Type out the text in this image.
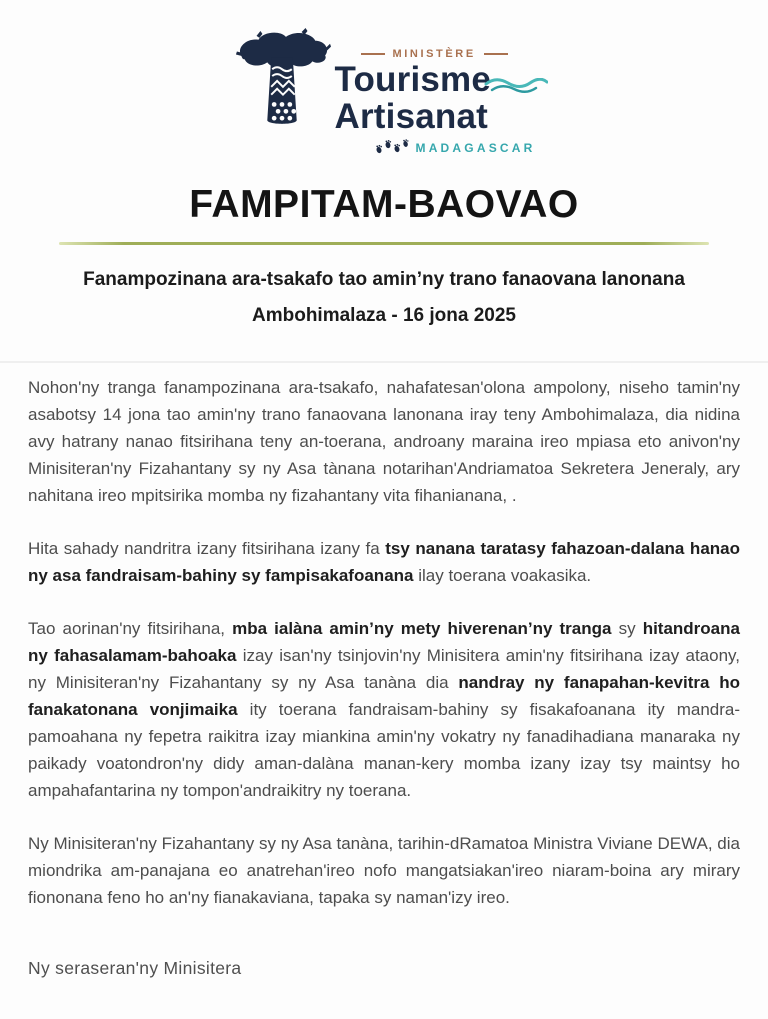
MINISTÈRE
Tourisme
Artisanat
MADAGASCAR
FAMPITAM-BAOVAO
Fanampozinana ara-tsakafo tao amin’ny trano fanaovana lanonana
Ambohimalaza - 16 jona 2025

Nohon'ny tranga fanampozinana ara-tsakafo, nahafatesan'olona ampolony, niseho tamin'ny asabotsy 14 jona tao amin'ny trano fanaovana lanonana iray teny Ambohimalaza, dia nidina avy hatrany nanao fitsirihana teny an-toerana, androany maraina ireo mpiasa eto anivon'ny Minisiteran'ny Fizahantany sy ny Asa tànana notarihan'Andriamatoa Sekretera Jeneraly, ary nahitana ireo mpitsirika momba ny fizahantany vita fihanianana, .

Hita sahady nandritra izany fitsirihana izany fa tsy nanana taratasy fahazoan-dalana hanao ny asa fandraisam-bahiny sy fampisakafoanana ilay toerana voakasika.

Tao aorinan'ny fitsirihana, mba ialàna amin’ny mety hiverenan’ny tranga sy hitandroana ny fahasalamam-bahoaka izay isan'ny tsinjovin'ny Minisitera amin'ny fitsirihana izay ataony, ny Minisiteran'ny Fizahantany sy ny Asa tanàna dia nandray ny fanapahan-kevitra ho fanakatonana vonjimaika ity toerana fandraisam-bahiny sy fisakafoanana ity mandra-pamoahana ny fepetra raikitra izay miankina amin'ny vokatry ny fanadihadiana manaraka ny paikady voatondron'ny didy aman-dalàna manan-kery momba izany izay tsy maintsy ho ampahafantarina ny tompon'andraikitry ny toerana.

Ny Minisiteran'ny Fizahantany sy ny Asa tanàna, tarihin-dRamatoa Ministra Viviane DEWA, dia miondrika am-panajana eo anatrehan'ireo nofo mangatsiakan'ireo niaram-boina ary mirary fiononana feno ho an'ny fianakaviana, tapaka sy naman'izy ireo.

Ny seraseran'ny Minisitera
